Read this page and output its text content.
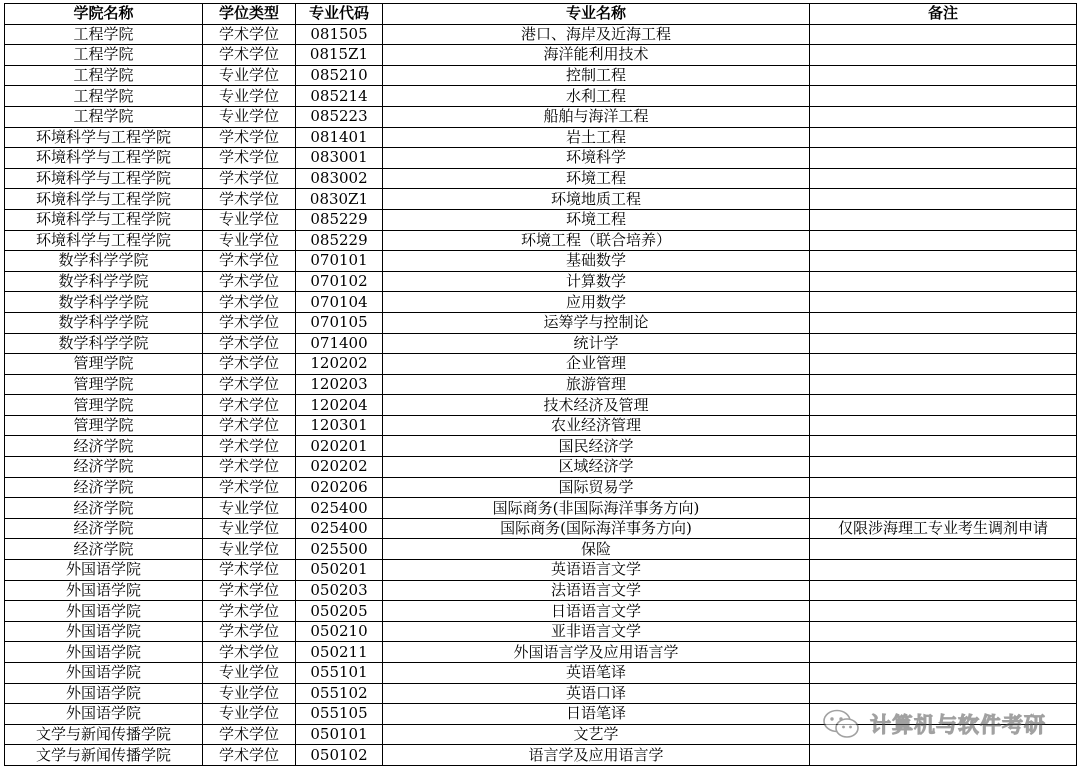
学院名称	学位类型	专业代码	专业名称	备注
工程学院	学术学位	081505	港口、海岸及近海工程	
工程学院	学术学位	0815Z1	海洋能利用技术	
工程学院	专业学位	085210	控制工程	
工程学院	专业学位	085214	水利工程	
工程学院	专业学位	085223	船舶与海洋工程	
环境科学与工程学院	学术学位	081401	岩土工程	
环境科学与工程学院	学术学位	083001	环境科学	
环境科学与工程学院	学术学位	083002	环境工程	
环境科学与工程学院	学术学位	0830Z1	环境地质工程	
环境科学与工程学院	专业学位	085229	环境工程	
环境科学与工程学院	专业学位	085229	环境工程（联合培养）	
数学科学学院	学术学位	070101	基础数学	
数学科学学院	学术学位	070102	计算数学	
数学科学学院	学术学位	070104	应用数学	
数学科学学院	学术学位	070105	运筹学与控制论	
数学科学学院	学术学位	071400	统计学	
管理学院	学术学位	120202	企业管理	
管理学院	学术学位	120203	旅游管理	
管理学院	学术学位	120204	技术经济及管理	
管理学院	学术学位	120301	农业经济管理	
经济学院	学术学位	020201	国民经济学	
经济学院	学术学位	020202	区域经济学	
经济学院	学术学位	020206	国际贸易学	
经济学院	专业学位	025400	国际商务(非国际海洋事务方向)	
经济学院	专业学位	025400	国际商务(国际海洋事务方向)	仅限涉海理工专业考生调剂申请
经济学院	专业学位	025500	保险	
外国语学院	学术学位	050201	英语语言文学	
外国语学院	学术学位	050203	法语语言文学	
外国语学院	学术学位	050205	日语语言文学	
外国语学院	学术学位	050210	亚非语言文学	
外国语学院	学术学位	050211	外国语言学及应用语言学	
外国语学院	专业学位	055101	英语笔译	
外国语学院	专业学位	055102	英语口译	
外国语学院	专业学位	055105	日语笔译	
文学与新闻传播学院	学术学位	050101	文艺学	
文学与新闻传播学院	学术学位	050102	语言学及应用语言学	
计算机与软件考研
